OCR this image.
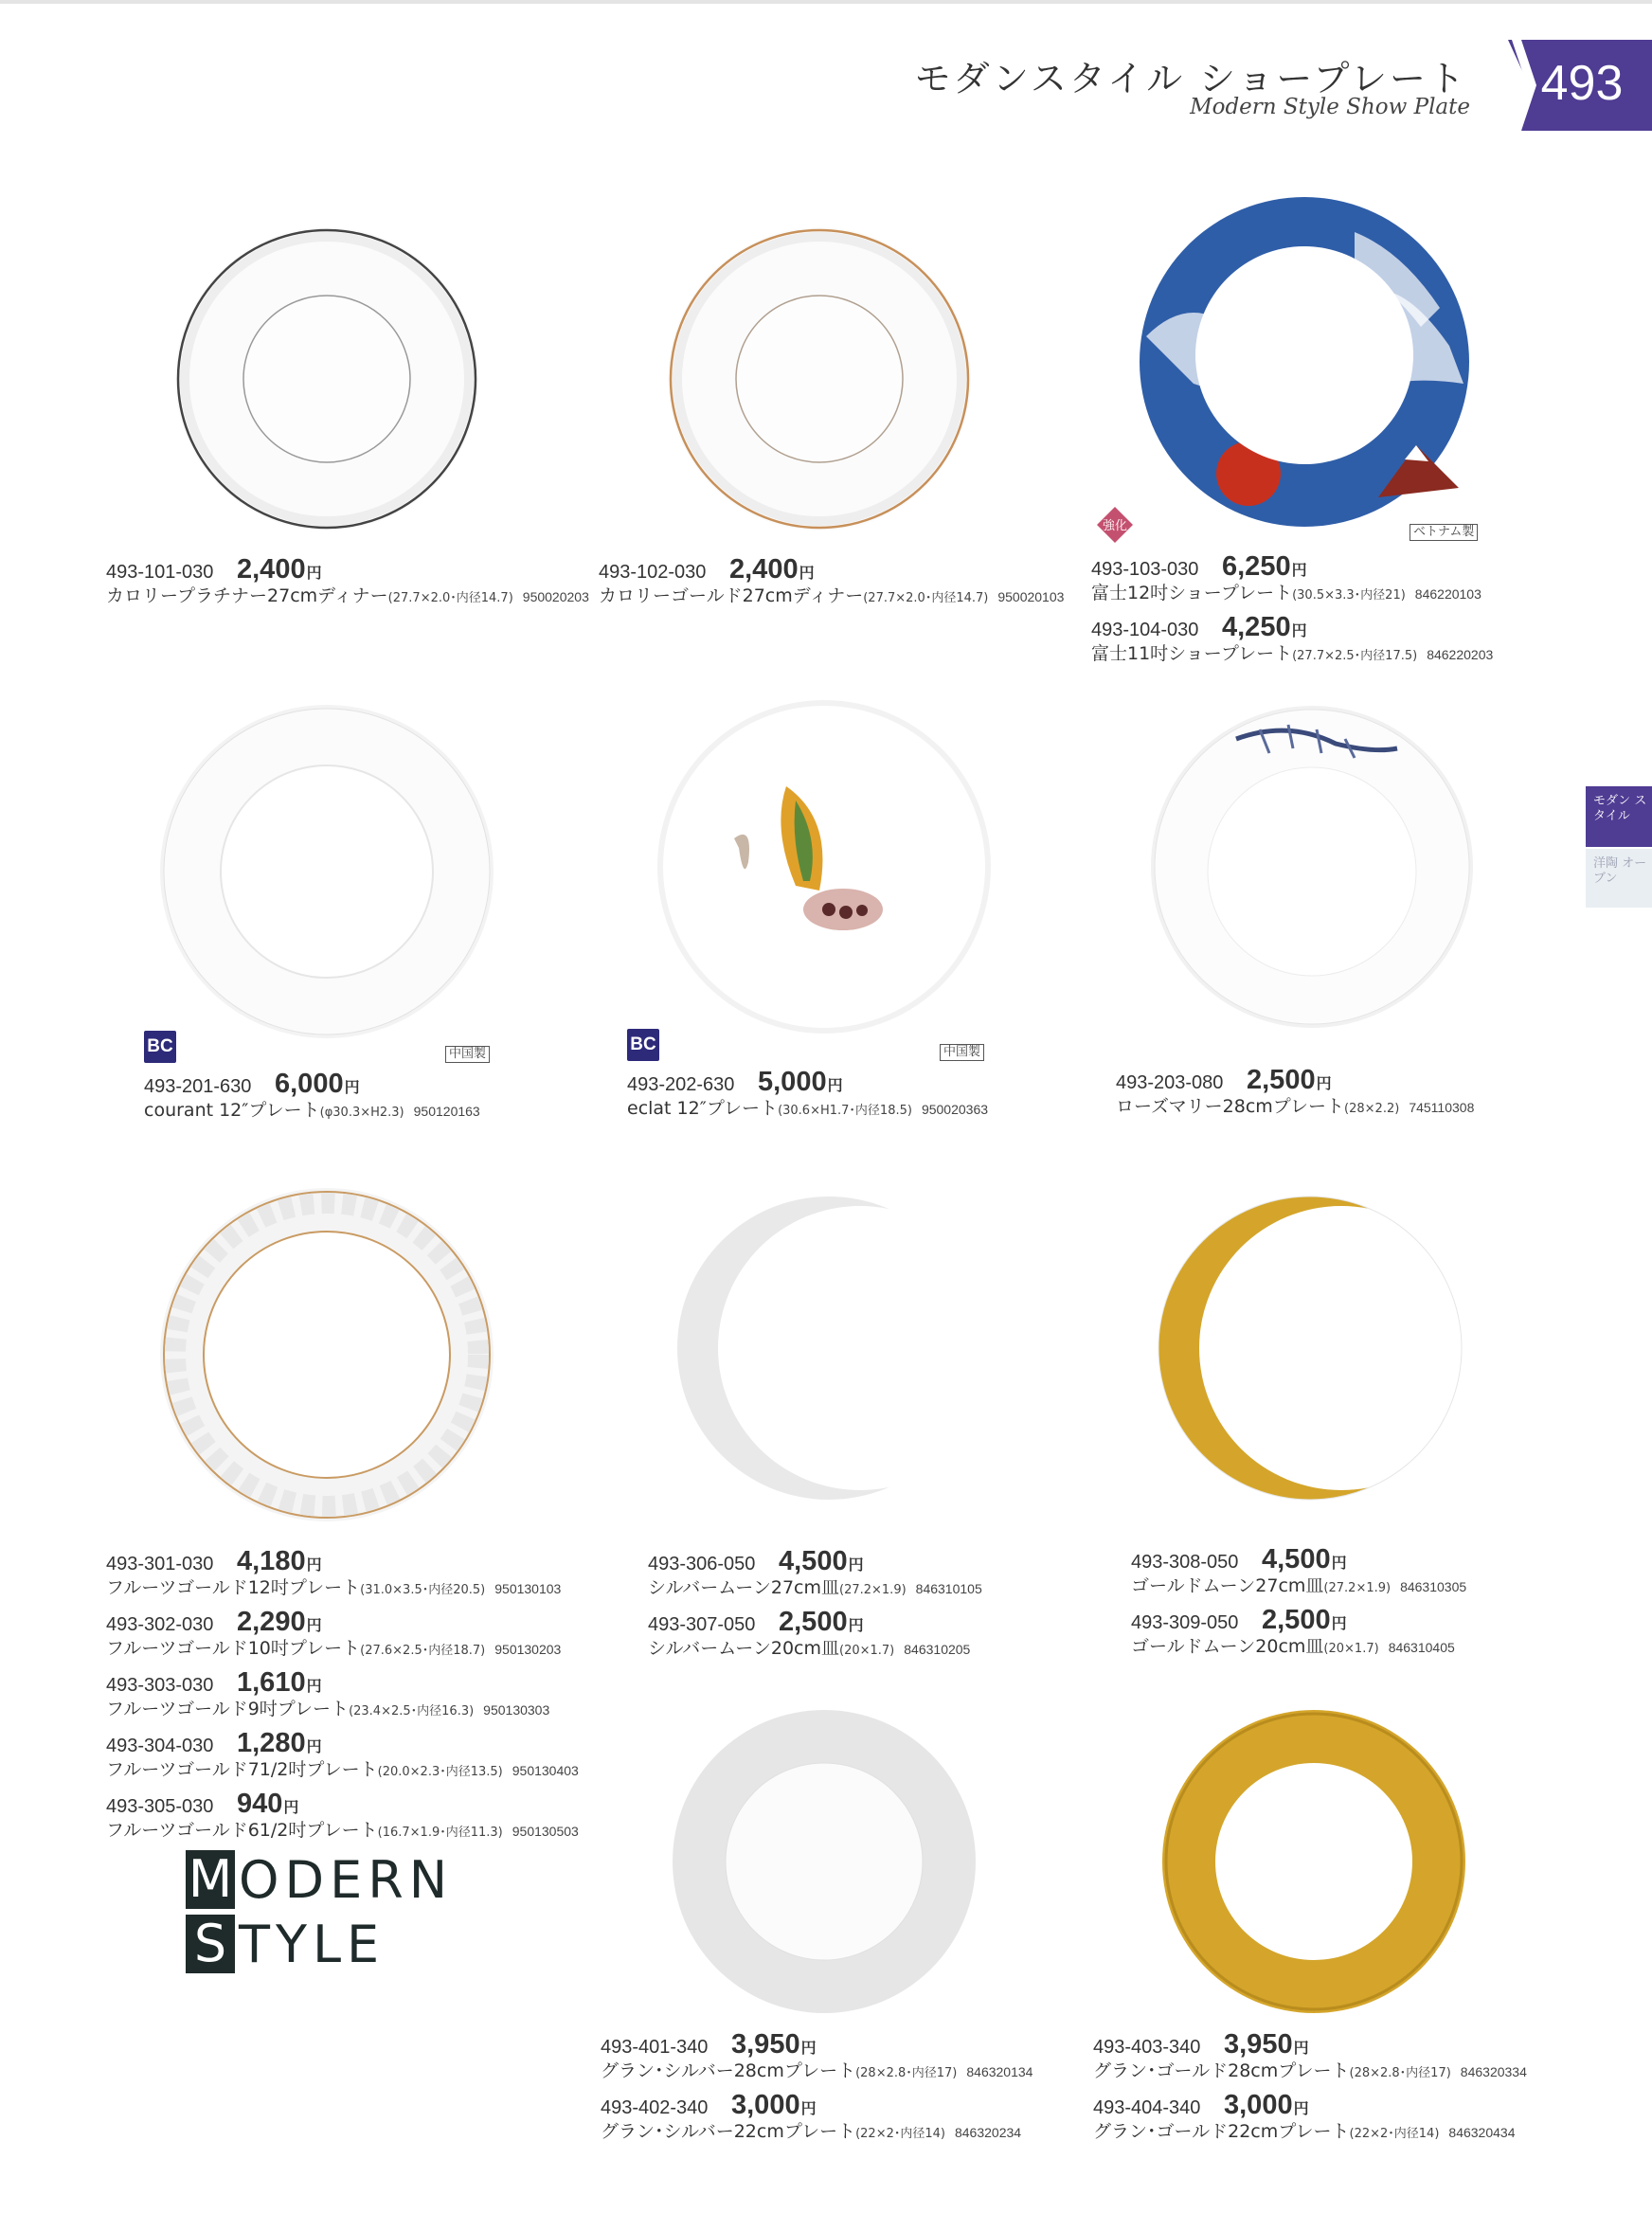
モダンスタイル ショープレート
Modern Style Show Plate	493
モダン スタイル
洋陶 オーブン
強化	ベトナム製
493-101-030 2,400 円
カロリープラチナー27cmディナー(27.7×2.0･内径14.7) 950020203
493-102-030 2,400 円
カロリーゴールド27cmディナー(27.7×2.0･内径14.7) 950020103
493-103-030 6,250 円
富士12吋ショープレート(30.5×3.3･内径21) 846220103
493-104-030 4,250 円
富士11吋ショープレート(27.7×2.5･内径17.5) 846220203
BC	中国製	BC	中国製
493-201-630 6,000 円
courant 12″プレート(φ30.3×H2.3) 950120163
493-202-630 5,000 円
eclat 12″プレート(30.6×H1.7･内径18.5) 950020363
493-203-080 2,500 円
ローズマリー28cmプレート(28×2.2) 745110308
493-301-030 4,180 円
フルーツゴールド12吋プレート(31.0×3.5･内径20.5) 950130103
493-302-030 2,290 円
フルーツゴールド10吋プレート(27.6×2.5･内径18.7) 950130203
493-303-030 1,610 円
フルーツゴールド9吋プレート(23.4×2.5･内径16.3) 950130303
493-304-030 1,280 円
フルーツゴールド71/2吋プレート(20.0×2.3･内径13.5) 950130403
493-305-030 940 円
フルーツゴールド61/2吋プレート(16.7×1.9･内径11.3) 950130503
493-306-050 4,500 円
シルバームーン27cm皿(27.2×1.9) 846310105
493-307-050 2,500 円
シルバームーン20cm皿(20×1.7) 846310205
493-308-050 4,500 円
ゴールドムーン27cm皿(27.2×1.9) 846310305
493-309-050 2,500 円
ゴールドムーン20cm皿(20×1.7) 846310405
M ODERN
S TYLE
493-401-340 3,950 円
グラン･シルバー28cmプレート(28×2.8･内径17) 846320134
493-402-340 3,000 円
グラン･シルバー22cmプレート(22×2･内径14) 846320234
493-403-340 3,950 円
グラン･ゴールド28cmプレート(28×2.8･内径17) 846320334
493-404-340 3,000 円
グラン･ゴールド22cmプレート(22×2･内径14) 846320434
